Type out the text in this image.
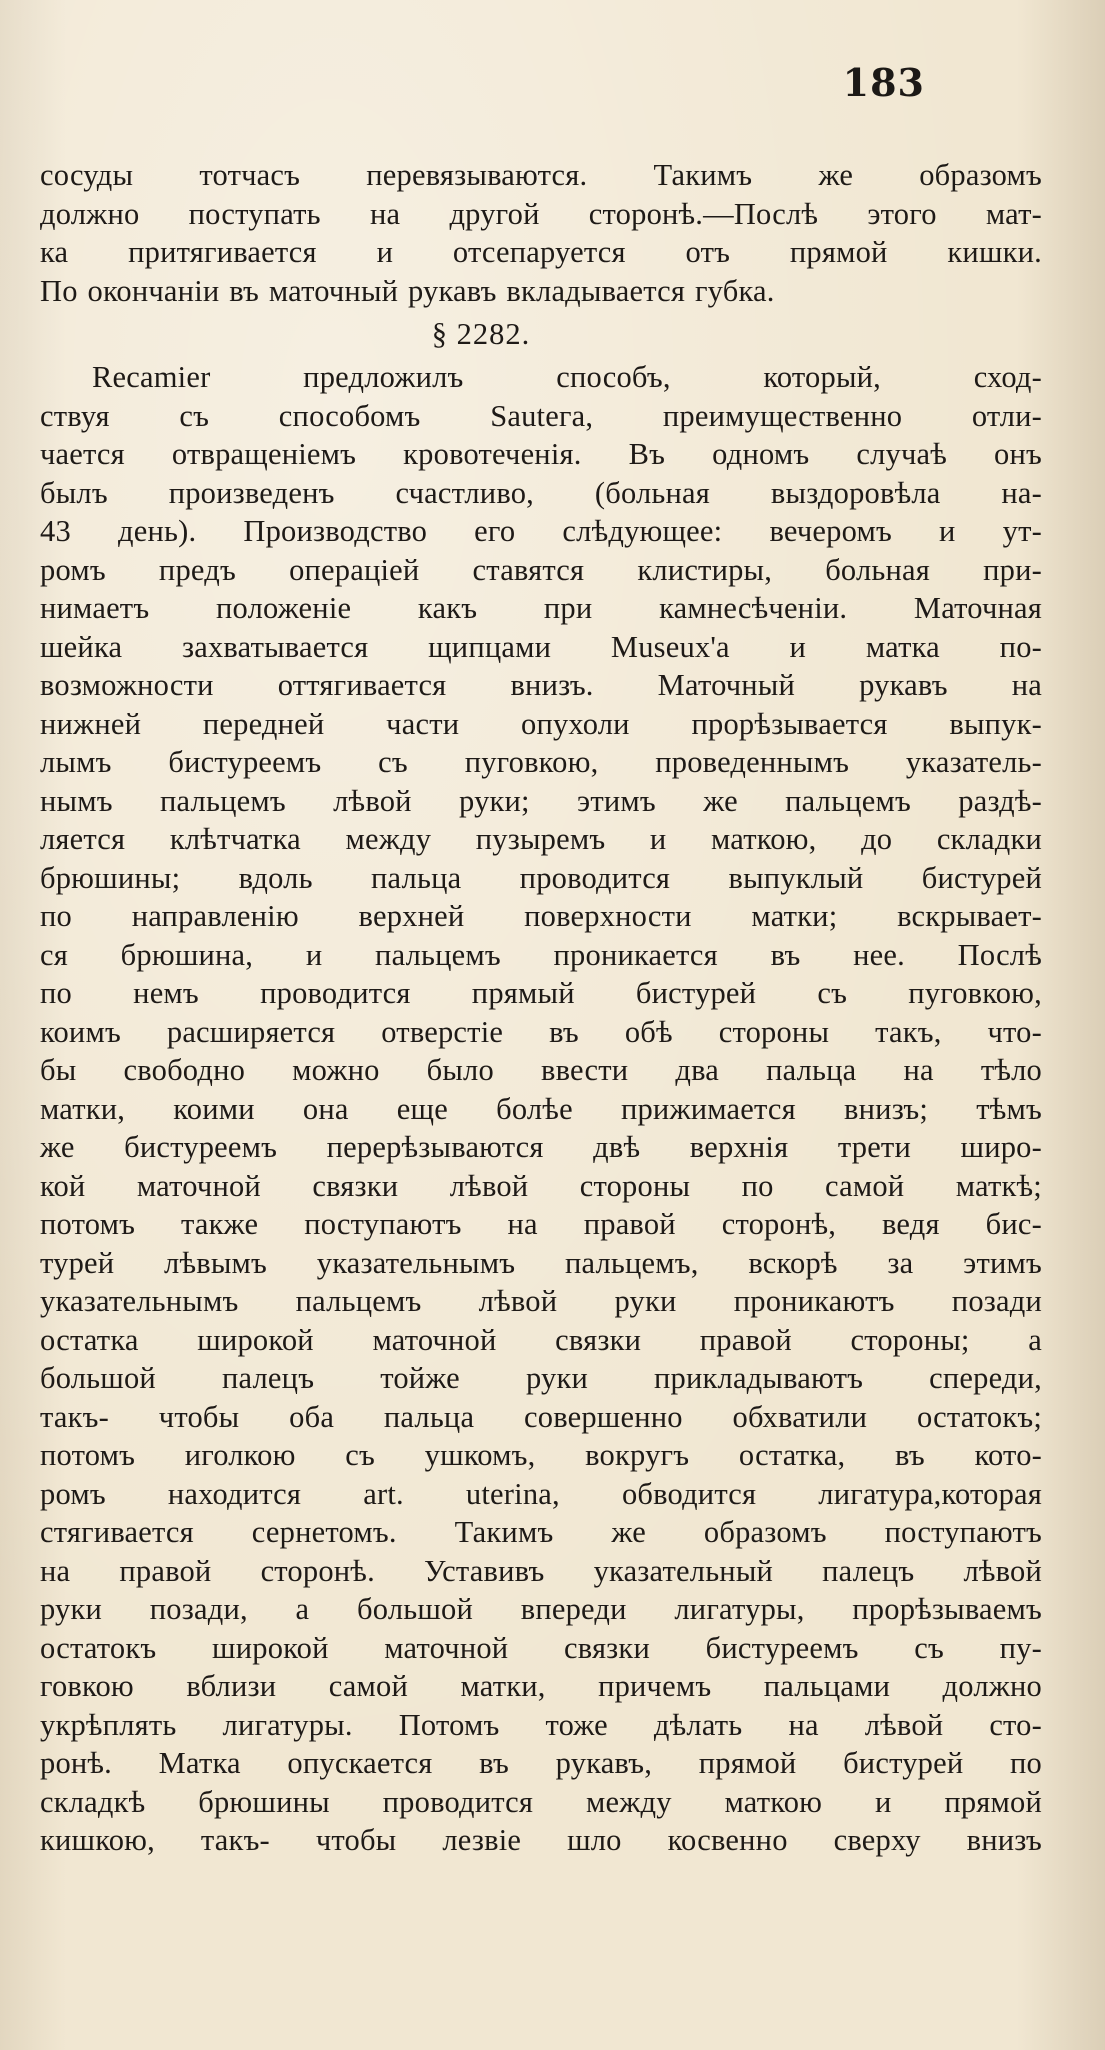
183
сосуды тотчасъ перевязываются. Такимъ же образомъ
должно поступать на другой сторонѣ.—Послѣ этого мат-
ка притягивается и отсепаруется отъ прямой кишки.
По окончаніи въ маточный рукавъ вкладывается губка.
§ 2282.
Recamier предложилъ способъ, который, сход-
ствуя съ способомъ Sauteга, преимущественно отли-
чается отвращеніемъ кровотеченія. Въ одномъ случаѣ онъ
былъ произведенъ счастливо, (больная выздоровѣла на-
43 день). Производство его слѣдующее: вечеромъ и ут-
ромъ предъ операціей ставятся клистиры, больная при-
нимаетъ положеніе какъ при камнесѣченіи. Маточная
шейка захватывается щипцами Museux'a и матка по-
возможности оттягивается внизъ. Маточный рукавъ на
нижней передней части опухоли прорѣзывается выпук-
лымъ бистуреемъ съ пуговкою, проведеннымъ указатель-
нымъ пальцемъ лѣвой руки; этимъ же пальцемъ раздѣ-
ляется клѣтчатка между пузыремъ и маткою, до складки
брюшины; вдоль пальца проводится выпуклый бистурей
по направленію верхней поверхности матки; вскрывает-
ся брюшина, и пальцемъ проникается въ нее. Послѣ
по немъ проводится прямый бистурей съ пуговкою,
коимъ расширяется отверстіе въ обѣ стороны такъ, что-
бы свободно можно было ввести два пальца на тѣло
матки, коими она еще болѣе прижимается внизъ; тѣмъ
же бистуреемъ перерѣзываются двѣ верхнія трети широ-
кой маточной связки лѣвой стороны по самой маткѣ;
потомъ также поступаютъ на правой сторонѣ, ведя бис-
турей лѣвымъ указательнымъ пальцемъ, вскорѣ за этимъ
указательнымъ пальцемъ лѣвой руки проникаютъ позади
остатка широкой маточной связки правой стороны; а
большой палецъ тойже руки прикладываютъ спереди,
такъ- чтобы оба пальца совершенно обхватили остатокъ;
потомъ иголкою съ ушкомъ, вокругъ остатка, въ кото-
ромъ находится art. uterina, обводится лигатура,которая
стягивается сернетомъ. Такимъ же образомъ поступаютъ
на правой сторонѣ. Уставивъ указательный палецъ лѣвой
руки позади, а большой впереди лигатуры, прорѣзываемъ
остатокъ широкой маточной связки бистуреемъ съ пу-
говкою вблизи самой матки, причемъ пальцами должно
укрѣплять лигатуры. Потомъ тоже дѣлать на лѣвой сто-
ронѣ. Матка опускается въ рукавъ, прямой бистурей по
складкѣ брюшины проводится между маткою и прямой
кишкою, такъ- чтобы лезвіе шло косвенно сверху внизъ
